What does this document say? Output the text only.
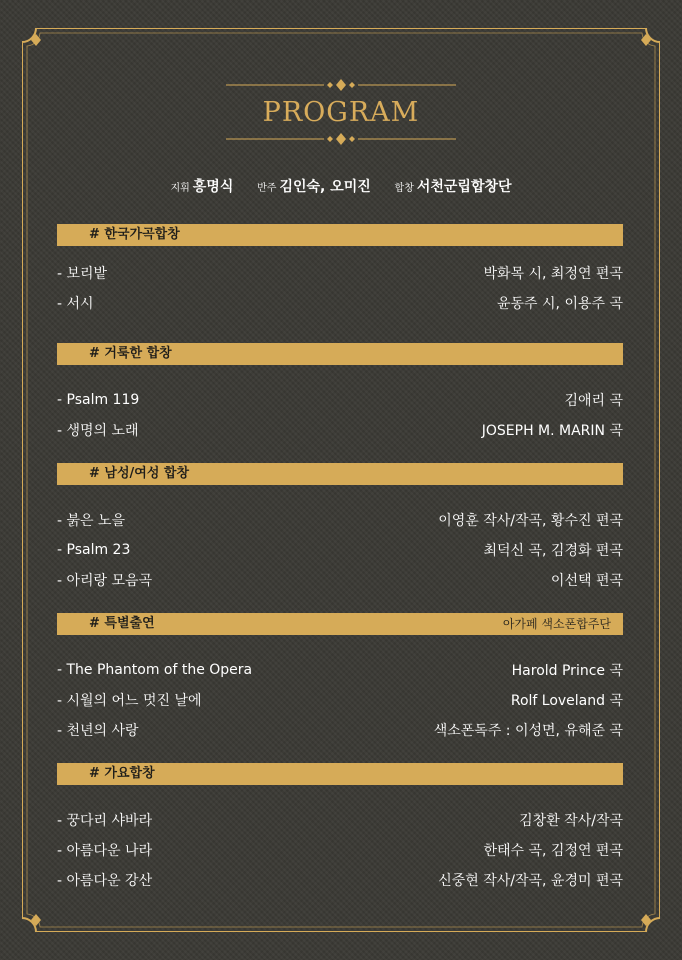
PROGRAM
지휘 홍명식 반주 김인숙, 오미진 합창 서천군립합창단
# 한국가곡합창
- 보리밭	박화목 시, 최정연 편곡
- 서시	윤동주 시, 이용주 곡
# 거룩한 합창
- Psalm 119	김애리 곡
- 생명의 노래	JOSEPH M. MARIN 곡
# 남성/여성 합창
- 붉은 노을	이영훈 작사/작곡, 황수진 편곡
- Psalm 23	최덕신 곡, 김경화 편곡
- 아리랑 모음곡	이선택 편곡
# 특별출연	아가페 색소폰합주단
- The Phantom of the Opera	Harold Prince 곡
- 시월의 어느 멋진 날에	Rolf Loveland 곡
- 천년의 사랑	색소폰독주 : 이성면, 유해준 곡
# 가요합창
- 꿍다리 샤바라	김창환 작사/작곡
- 아름다운 나라	한태수 곡, 김정연 편곡
- 아름다운 강산	신중현 작사/작곡, 윤경미 편곡
